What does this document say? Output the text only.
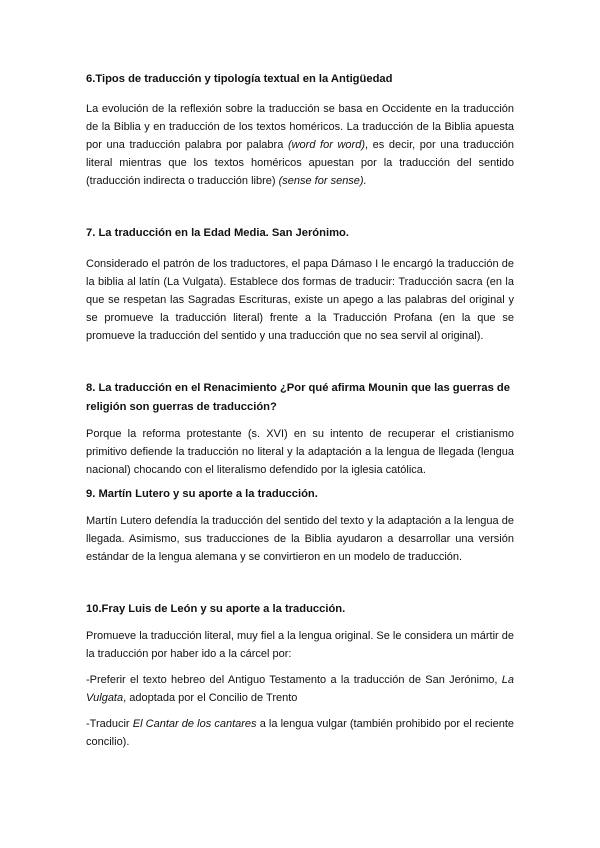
6.Tipos de traducción y tipología textual en la Antigüedad

La evolución de la reflexión sobre la traducción se basa en Occidente en la traducción de la Biblia y en traducción de los textos homéricos. La traducción de la Biblia apuesta por una traducción palabra por palabra (word for word), es decir, por una traducción literal mientras que los textos homéricos apuestan por la traducción del sentido (traducción indirecta o traducción libre) (sense for sense).

7. La traducción en la Edad Media. San Jerónimo.

Considerado el patrón de los traductores, el papa Dámaso I le encargó la traducción de la biblia al latín (La Vulgata). Establece dos formas de traducir: Traducción sacra (en la que se respetan las Sagradas Escrituras, existe un apego a las palabras del original y se promueve la traducción literal) frente a la Traducción Profana (en la que se promueve la traducción del sentido y una traducción que no sea servil al original).

8. La traducción en el Renacimiento ¿Por qué afirma Mounin que las guerras de religión son guerras de traducción?

Porque la reforma protestante (s. XVI) en su intento de recuperar el cristianismo primitivo defiende la traducción no literal y la adaptación a la lengua de llegada (lengua nacional) chocando con el literalismo defendido por la iglesia católica.

9. Martín Lutero y su aporte a la traducción.

Martín Lutero defendía la traducción del sentido del texto y la adaptación a la lengua de llegada. Asimismo, sus traducciones de la Biblia ayudaron a desarrollar una versión estándar de la lengua alemana y se convirtieron en un modelo de traducción.

10.Fray Luis de León y su aporte a la traducción.

Promueve la traducción literal, muy fiel a la lengua original. Se le considera un mártir de la traducción por haber ido a la cárcel por:

-Preferir el texto hebreo del Antiguo Testamento a la traducción de San Jerónimo, La Vulgata, adoptada por el Concilio de Trento

-Traducir El Cantar de los cantares a la lengua vulgar (también prohibido por el reciente concilio).
